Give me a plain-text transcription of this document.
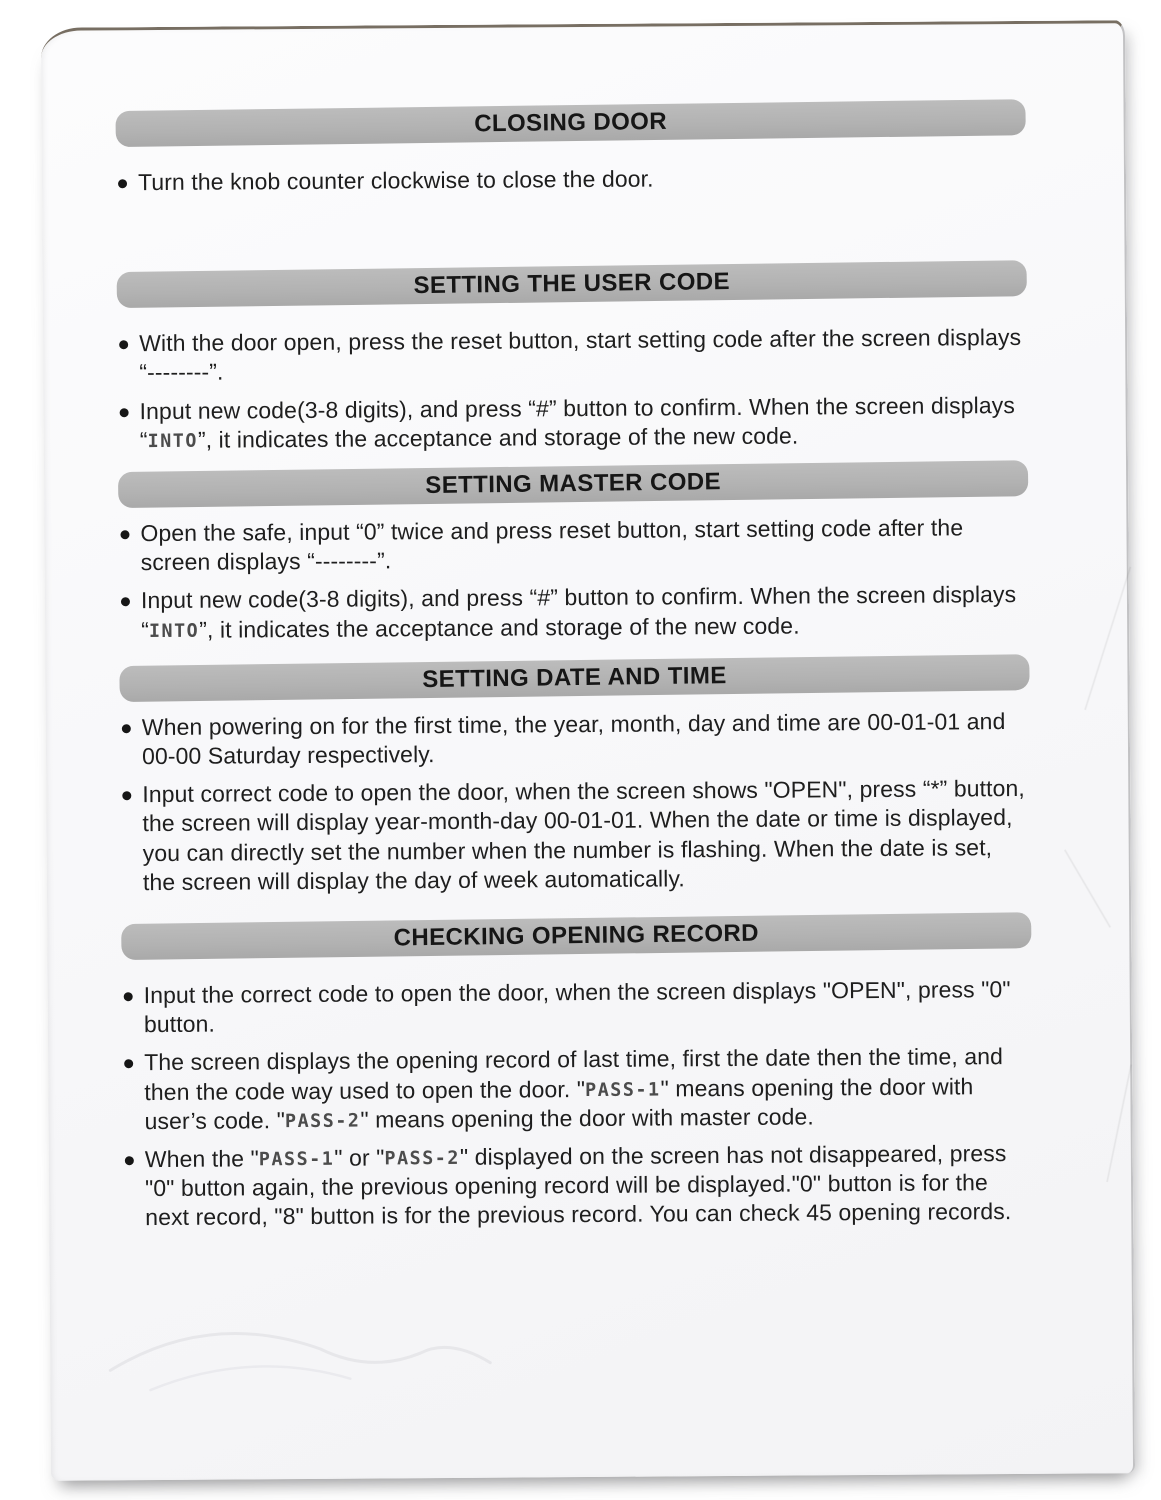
CLOSING DOOR
Turn the knob counter clockwise to close the door.
SETTING THE USER CODE
With the door open, press the reset button, start setting code after the screen displays “--------”.
Input new code(3-8 digits), and press “#” button to confirm. When the screen displays “INTO”, it indicates the acceptance and storage of the new code.
SETTING MASTER CODE
Open the safe, input “0” twice and press reset button, start setting code after the screen displays “--------”.
Input new code(3-8 digits), and press “#” button to confirm. When the screen displays “INTO”, it indicates the acceptance and storage of the new code.
SETTING DATE AND TIME
When powering on for the first time, the year, month, day and time are 00-01-01 and 00-00 Saturday respectively.
Input correct code to open the door, when the screen shows "OPEN", press “*” button, the screen will display year-month-day 00-01-01. When the date or time is displayed, you can directly set the number when the number is flashing. When the date is set, the screen will display the day of week automatically.
CHECKING OPENING RECORD
Input the correct code to open the door, when the screen displays "OPEN", press "0" button.
The screen displays the opening record of last time, first the date then the time, and then the code way used to open the door. "PASS-1" means opening the door with user’s code. "PASS-2" means opening the door with master code.
When the "PASS-1" or "PASS-2" displayed on the screen has not disappeared, press "0" button again, the previous opening record will be displayed."0" button is for the next record, "8" button is for the previous record. You can check 45 opening records.
